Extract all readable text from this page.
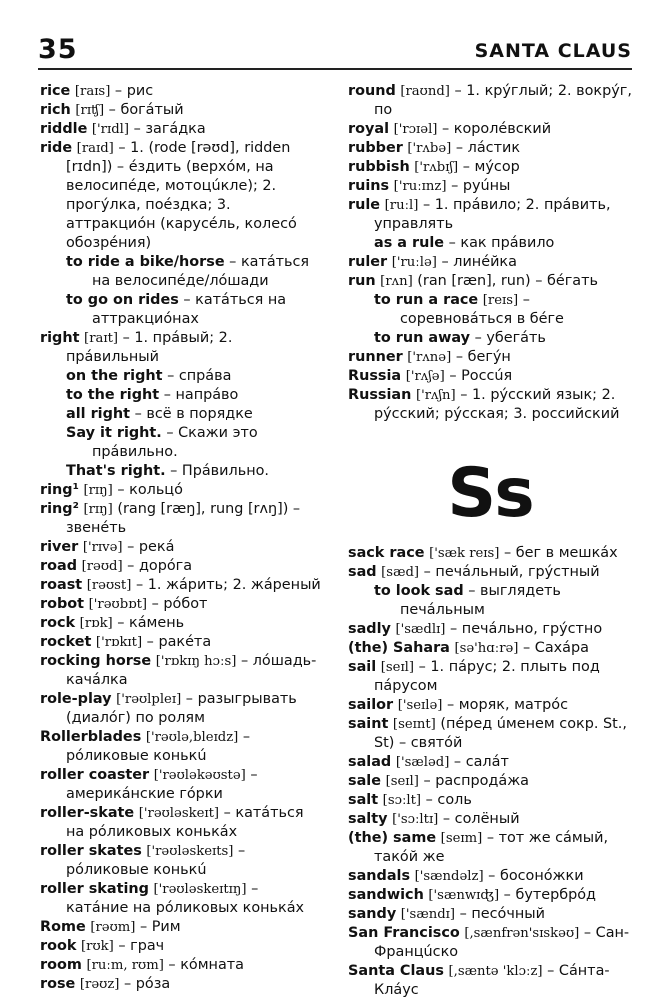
35	SANTA CLAUS

rice [raɪs] – рис

rich [rɪʧ] – богáтый

riddle ['rɪdl] – загáдка

ride [raɪd] – 1. (rode [rəʊd], ridden [rɪdn]) – éздить (верхóм, на велосипéде, мотоцúкле); 2. прогýлка, поéздка; 3. аттракциóн (карусéль, колесó обозрéния)

to ride a bike/horse – катáться на велосипéде/лóшади

to go on rides – катáться на аттракциóнах

right [raɪt] – 1. прáвый; 2. прáвильный

on the right – спрáва

to the right – напрáво

all right – всё в порядке

Say it right. – Скажи это прáвильно.

That's right. – Прáвильно.

ring¹ [rɪŋ] – кольцó

ring² [rɪŋ] (rang [ræŋ], rung [rʌŋ]) – звенéть

river ['rɪvə] – рекá

road [rəʊd] – дорóга

roast [rəʊst] – 1. жáрить; 2. жáреный

robot ['rəʊbɒt] – рóбот

rock [rɒk] – кáмень

rocket ['rɒkɪt] – ракéта

rocking horse ['rɒkɪŋ hɔːs] – лóшадь-качáлка

role-play ['rəʊlpleɪ] – разыгрывать (диалóг) по ролям

Rollerblades ['rəʊlə,bleɪdz] – рóликовые конькú

roller coaster ['rəʊləkəʊstə] – америкáнские гóрки

roller-skate ['rəʊləskeɪt] – катáться на рóликовых конькáх

roller skates ['rəʊləskeɪts] – рóликовые конькú

roller skating ['rəʊləskeɪtɪŋ] – катáние на рóликовых конькáх

Rome [rəʊm] – Рим

rook [rʊk] – грач

room [ruːm, rʊm] – кóмната

rose [rəʊz] – рóза

round [raʊnd] – 1. крýглый; 2. вокрýг, по

royal ['rɔɪəl] – королéвский

rubber ['rʌbə] – лáстик

rubbish ['rʌbɪʃ] – мýсор

ruins ['ruːɪnz] – руúны

rule [ruːl] – 1. прáвило; 2. прáвить, управлять

as a rule – как прáвило

ruler ['ruːlə] – линéйка

run [rʌn] (ran [ræn], run) – бéгать

to run a race [reɪs] – соревновáться в бéге

to run away – убегáть

runner ['rʌnə] – бегýн

Russia ['rʌʃə] – Россúя

Russian ['rʌʃn] – 1. рýсский язык; 2. рýсский; рýсская; 3. российский

Ss

sack race ['sæk reɪs] – бег в мешкáх

sad [sæd] – печáльный, грýстный

to look sad – выглядеть печáльным

sadly ['sædlɪ] – печáльно, грýстно

(the) Sahara [sə'hɑːrə] – Сахáра

sail [seɪl] – 1. пáрус; 2. плыть под пáрусом

sailor ['seɪlə] – моряк, матрóс

saint [seɪnt] (пéред úменем сокр. St., St) – святóй

salad ['sæləd] – салáт

sale [seɪl] – распродáжа

salt [sɔːlt] – соль

salty ['sɔːltɪ] – солёный

(the) same [seɪm] – тот же сáмый, такóй же

sandals ['sændəlz] – босонóжки

sandwich ['sænwɪʤ] – бутербрóд

sandy ['sændɪ] – песóчный

San Francisco [,sænfrən'sɪskəʊ] – Сан-Францúско

Santa Claus [,sæntə 'klɔːz] – Сáнта-Клáус
